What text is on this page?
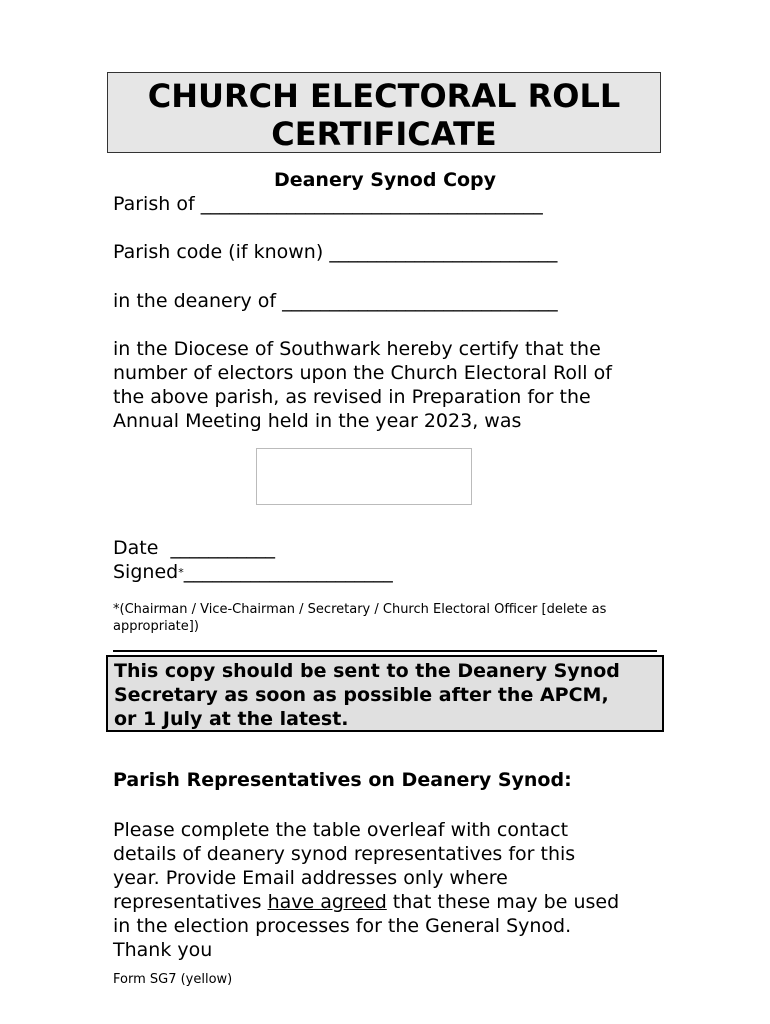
CHURCH ELECTORAL ROLL
CERTIFICATE
Deanery Synod Copy
Parish of ____________________________________
Parish code (if known) ________________________
in the deanery of _____________________________
in the Diocese of Southwark hereby certify that the
number of electors upon the Church Electoral Roll of
the above parish, as revised in Preparation for the
Annual Meeting held in the year 2023, was
Date ___________
Signed*______________________
*(Chairman / Vice-Chairman / Secretary / Church Electoral Officer [delete as
appropriate])
This copy should be sent to the Deanery Synod
Secretary as soon as possible after the APCM,
or 1 July at the latest.
Parish Representatives on Deanery Synod:
Please complete the table overleaf with contact
details of deanery synod representatives for this
year. Provide Email addresses only where
representatives have agreed that these may be used
in the election processes for the General Synod.
Thank you
Form SG7 (yellow)
